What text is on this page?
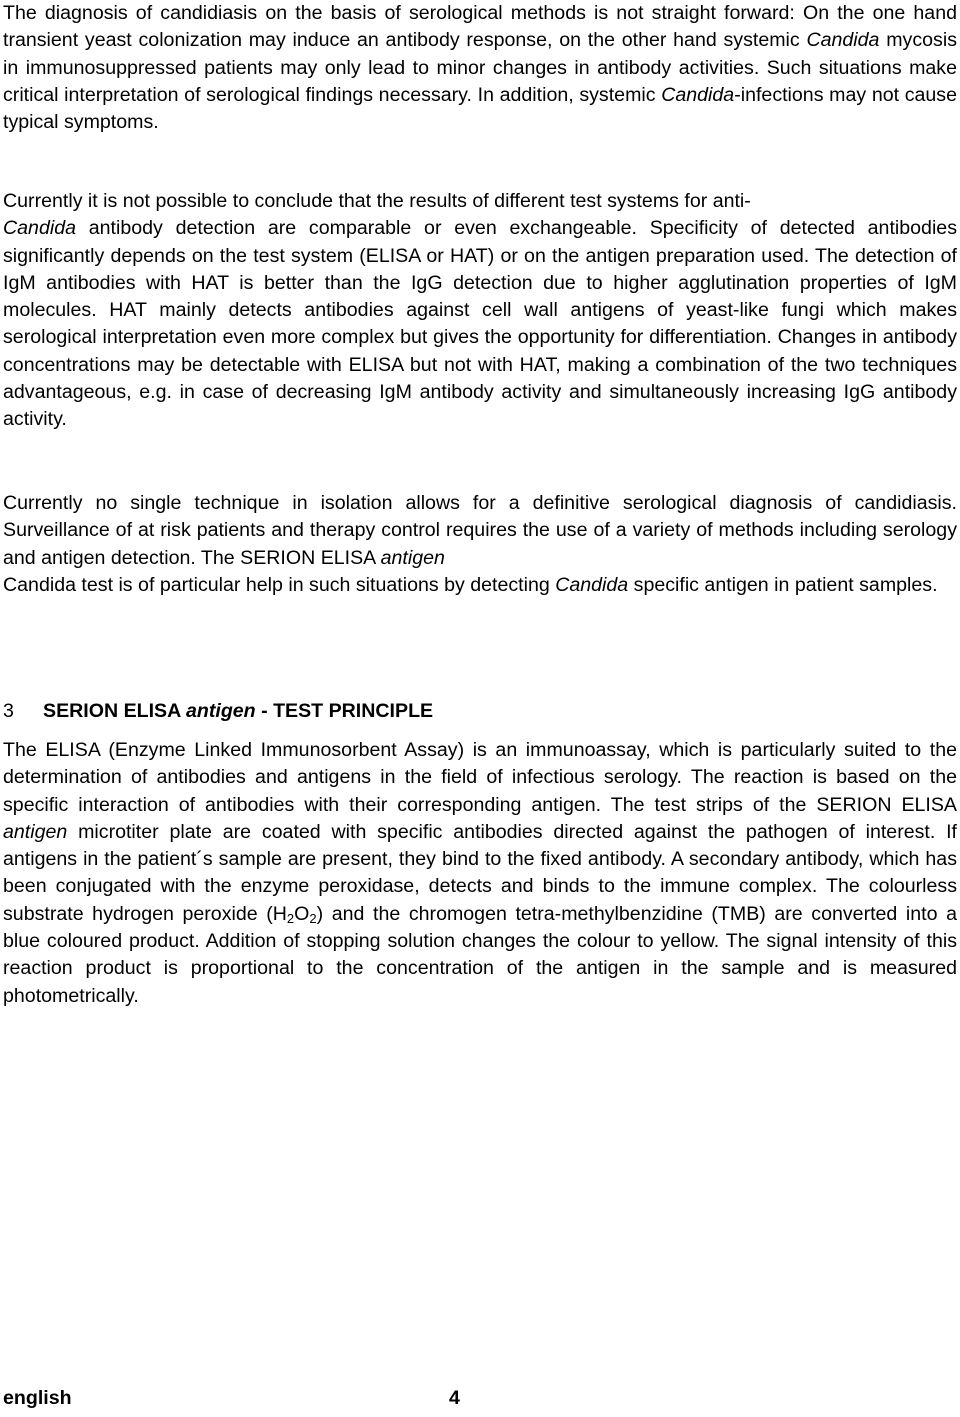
The diagnosis of candidiasis on the basis of serological methods is not straight forward: On the one hand transient yeast colonization may induce an antibody response, on the other hand systemic Candida mycosis in immunosuppressed patients may only lead to minor changes in antibody activities. Such situations make critical interpretation of serological findings necessary. In addition, systemic Candida-infections may not cause typical symptoms.

Currently it is not possible to conclude that the results of different test systems for anti-
Candida antibody detection are comparable or even exchangeable. Specificity of detected antibodies significantly depends on the test system (ELISA or HAT) or on the antigen preparation used. The detection of IgM antibodies with HAT is better than the IgG detection due to higher agglutination properties of IgM molecules. HAT mainly detects antibodies against cell wall antigens of yeast-like fungi which makes serological interpretation even more complex but gives the opportunity for differentiation. Changes in antibody concentrations may be detectable with ELISA but not with HAT, making a combination of the two techniques advantageous, e.g. in case of decreasing IgM antibody activity and simultaneously increasing IgG antibody activity.

Currently no single technique in isolation allows for a definitive serological diagnosis of candidiasis. Surveillance of at risk patients and therapy control requires the use of a variety of methods including serology and antigen detection. The SERION ELISA antigen
Candida test is of particular help in such situations by detecting Candida specific antigen in patient samples.

3 SERION ELISA antigen - TEST PRINCIPLE

The ELISA (Enzyme Linked Immunosorbent Assay) is an immunoassay, which is particularly suited to the determination of antibodies and antigens in the field of infectious serology. The reaction is based on the specific interaction of antibodies with their corresponding antigen. The test strips of the SERION ELISA antigen microtiter plate are coated with specific antibodies directed against the pathogen of interest. If antigens in the patient´s sample are present, they bind to the fixed antibody. A secondary antibody, which has been conjugated with the enzyme peroxidase, detects and binds to the immune complex. The colourless substrate hydrogen peroxide $(H_2O_2)$ and the chromogen tetra-methylbenzidine (TMB) are converted into a blue coloured product. Addition of stopping solution changes the colour to yellow. The signal intensity of this reaction product is proportional to the concentration of the antigen in the sample and is measured photometrically.

english	4
